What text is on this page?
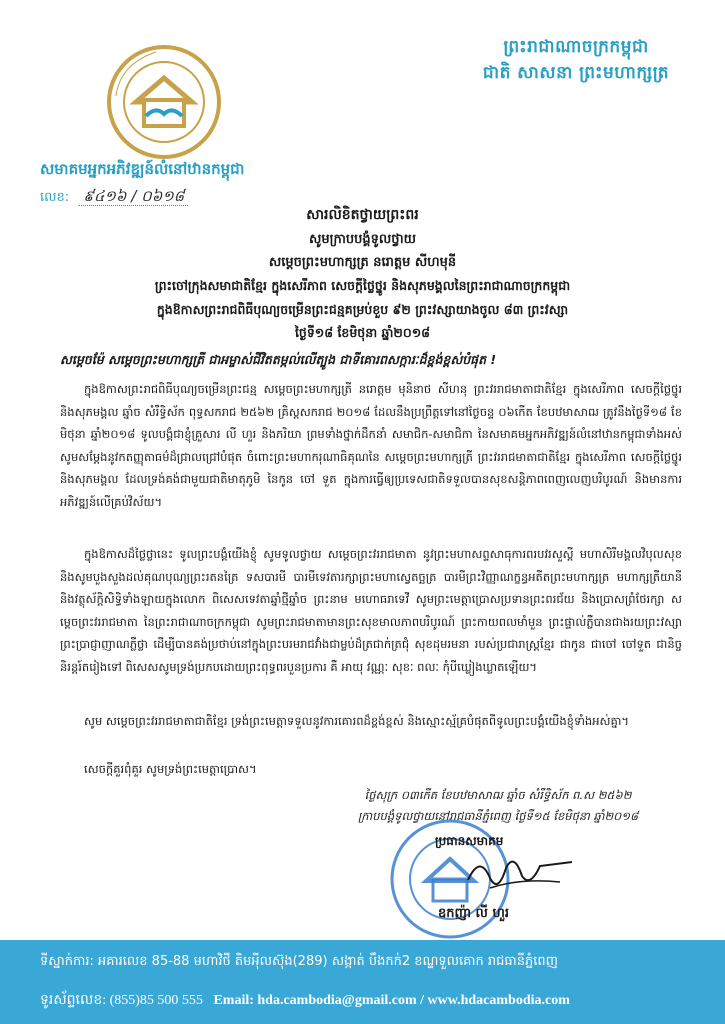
ព្រះរាជាណាចក្រកម្ពុជា
ជាតិ សាសនា ព្រះមហាក្សត្រ
សមាគមអ្នកអភិវឌ្ឍន៍លំនៅឋានកម្ពុជា
លេខ: ៩៤១៦ / ០៦១៨
សារលិខិតថ្វាយព្រះពរ
សូមក្រាបបង្គំទូលថ្វាយ
សម្តេចព្រះមហាក្សត្រ នរោត្តម សីហមុនី
ព្រះចៅក្រុងសមាជាតិខ្មែរ ក្នុងសេរីភាព សេចក្តីថ្លៃថ្នូរ និងសុភមង្គលនៃព្រះរាជាណាចក្រកម្ពុជា
ក្នុងឱកាសព្រះរាជពិធីបុណ្យចម្រើនព្រះជន្មគម្រប់ខួប ៩២ ព្រះវស្សាយាងចូល ៨៣ ព្រះវស្សា
ថ្ងៃទី១៨ ខែមិថុនា ឆ្នាំ២០១៨
សម្តេចម៉ែ សម្តេចព្រះមហាក្សត្រី ជាអម្ចាស់ជីវិតតម្កល់លើត្បូង ជាទីគោរពសក្ការៈដ៏ខ្ពង់ខ្ពស់បំផុត !
ក្នុងឱកាសព្រះរាជពិធីបុណ្យចម្រើនព្រះជន្ម សម្តេចព្រះមហាក្សត្រី នរោត្តម មុនិនាថ សីហនុ ព្រះវររាជមាតាជាតិខ្មែរ ក្នុងសេរីភាព សេចក្តីថ្លៃថ្នូរ និងសុភមង្គល ឆ្នាំច សំរឹទ្ធិស័ក ពុទ្ធសករាជ ២៥៦២ គ្រិស្តសករាជ ២០១៨ ដែលនឹងប្រព្រឹត្តទៅនៅថ្ងៃចន្ទ ០៦កើត ខែបឋមាសាឍ ត្រូវនឹងថ្ងៃទី១៨ ខែមិថុនា ឆ្នាំ២០១៨ ទូលបង្គំជាខ្ញុំគ្រួសារ លី ហួរ និងភរិយា ព្រមទាំងថ្នាក់ដឹកនាំ សមាជិក-សមាជិកា នៃសមាគមអ្នកអភិវឌ្ឍន៍លំនៅឋានកម្ពុជាទាំងអស់ សូមសម្តែងនូវកតញ្ញុតាធម៌ដ៏ជ្រាលជ្រៅបំផុត ចំពោះព្រះមហាករុណាធិគុណនៃ សម្តេចព្រះមហាក្សត្រី ព្រះវររាជមាតាជាតិខ្មែរ ក្នុងសេរីភាព សេចក្តីថ្លៃថ្នូរ និងសុភមង្គល ដែលទ្រង់គង់ជាមួយជាតិមាតុភូមិ នៃកូន ចៅ ទួត ក្នុងការធ្វើឲ្យប្រទេសជាតិទទួលបានសុខសន្តិភាពពេញលេញបរិបូរណ៍ និងមានការអភិវឌ្ឍន៍លើគ្រប់វិស័យ។
ក្នុងឱកាសដ៏ថ្លៃថ្លានេះ ទូលព្រះបង្គំយើងខ្ញុំ សូមទូលថ្វាយ សម្តេចព្រះវររាជមាតា នូវព្រះមហាសព្ទសាធុការពរបវរសួស្តី មហាសិរីមង្គលវិបុលសុខ និងសូមបួងសួងដល់គុណបុណ្យព្រះរតនត្រៃ ទសបារមី បារមីទេវតារក្សាព្រះមហាស្វេតច្ឆត្រ បារមីព្រះវិញ្ញាណក្ខន្ធអតីតព្រះមហាក្សត្រ មហាក្សត្រីយានី និងវត្ថុស័ក្តិសិទ្ធិទាំងឡាយក្នុងលោក ពិសេសទេវតាឆ្នាំថ្មីឆ្នាំច ព្រះនាម មហោធរាទេវី សូមព្រះមេត្តាប្រោសប្រទានព្រះពរជ័យ និងប្រោសព្រំថែរក្សា សម្តេចព្រះវររាជមាតា នៃព្រះរាជាណាចក្រកម្ពុជា សូមព្រះរាជមាតាមានព្រះសុខមាលភាពបរិបូរណ៍ ព្រះកាយពលមាំមួន ព្រះផ្ទាល់ភ្លឺបានជាងរយព្រះវស្សា ព្រះប្រាជ្ញាញាណភ្លឺថ្លា ដើម្បីបានគង់ប្រថាប់នៅក្នុងព្រះបរមរាជវាំងជាម្លប់ដ៏ត្រជាក់ត្រជុំ សុខដុមរមនា របស់ប្រជារាស្រ្តខ្មែរ ជាកូន ជាចៅ ចៅទួត ជានិច្ចនិរន្តរ៍តរៀងទៅ ពិសេសសូមទ្រង់ប្រកបដោយព្រះពុទ្ធពរបួនប្រការ គឺ អាយុ វណ្ណៈ សុខៈ ពលៈ កុំបីឃ្លៀងឃ្លាតឡើយ។
សូម សម្តេចព្រះវររាជមាតាជាតិខ្មែរ ទ្រង់ព្រះមេត្តាទទួលនូវការគោរពដ៏ខ្ពង់ខ្ពស់ និងស្មោះស្ម័គ្របំផុតពីទូលព្រះបង្គំយើងខ្ញុំទាំងអស់គ្នា។
សេចក្តីគួរពុំគួរ សូមទ្រង់ព្រះមេត្តាប្រោស។
ថ្ងៃសុក្រ ០៣កើត ខែបឋមាសាឍ ឆ្នាំច សំរឹទ្ធិស័ក ព.ស ២៥៦២
ក្រាបបង្គំទូលថ្វាយនៅរាជធានីភ្នំពេញ ថ្ងៃទី១៥ ខែមិថុនា ឆ្នាំ២០១៨
ប្រធានសមាគម
ឧកញ៉ា លី ហួរ
ទីស្នាក់ការ: អគារលេខ 85-88 មហាវិថី តិមអុីលស៊ុង(289) សង្កាត់ បឹងកក់2 ខណ្ឌទួលគោក រាជធានីភ្នំពេញ
ទូរស័ព្ទលេខ: (855)85 500 555 Email: hda.cambodia@gmail.com / www.hdacambodia.com
